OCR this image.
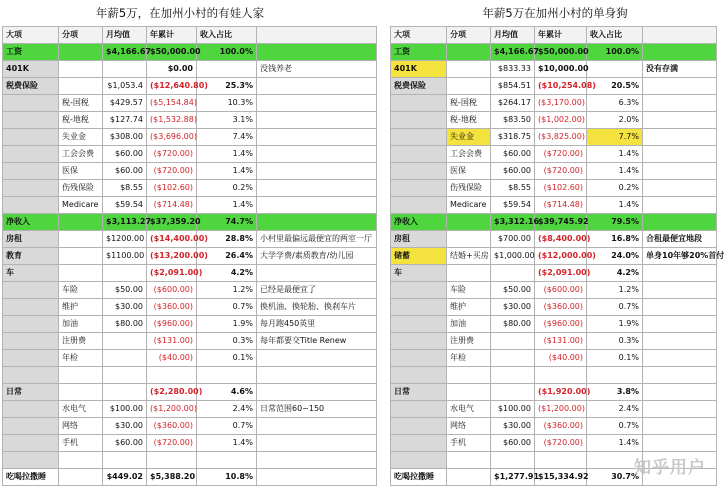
年薪5万，在加州小村的有娃人家	年薪5万在加州小村的单身狗
大项	分项	月均值	年累计	收入占比	
工资		$4,166.67	$50,000.00	100.0%	
401K			$0.00		没钱养老
税费保险		$1,053.4	($12,640.80)	25.3%	
	税-国税	$429.57	($5,154.84)	10.3%	
	税-地税	$127.74	($1,532.88)	3.1%	
	失业金	$308.00	($3,696.00)	7.4%	
	工会会费	$60.00	($720.00)	1.4%	
	医保	$60.00	($720.00)	1.4%	
	伤残保险	$8.55	($102.60)	0.2%	
	Medicare	$59.54	($714.48)	1.4%	
净收入		$3,113.27	$37,359.20	74.7%	
房租		$1200.00	($14,400.00)	28.8%	小村里最偏远最便宜的两室一厅
教育		$1100.00	($13,200.00)	26.4%	大学学费/素质教育/幼儿园
车			($2,091.00)	4.2%	
	车险	$50.00	($600.00)	1.2%	已经是最便宜了
	维护	$30.00	($360.00)	0.7%	换机油、换轮胎、换刹车片
	加油	$80.00	($960.00)	1.9%	每月跑450英里
	注册费		($131.00)	0.3%	每年都要交Title Renew
	年检		($40.00)	0.1%	

日常			($2,280.00)	4.6%	
	水电气	$100.00	($1,200.00)	2.4%	日常范围60~150
	网络	$30.00	($360.00)	0.7%	
	手机	$60.00	($720.00)	1.4%	

吃喝拉撒睡		$449.02	$5,388.20	10.8%	
大项	分项	月均值	年累计	收入占比	
工资		$4,166.67	$50,000.00	100.0%	
401K		$833.33	$10,000.00		没有存满
税费保险		$854.51	($10,254.08)	20.5%	
	税-国税	$264.17	($3,170.00)	6.3%	
	税-地税	$83.50	($1,002.00)	2.0%	
	失业金	$318.75	($3,825.00)	7.7%	
	工会会费	$60.00	($720.00)	1.4%	
	医保	$60.00	($720.00)	1.4%	
	伤残保险	$8.55	($102.60)	0.2%	
	Medicare	$59.54	($714.48)	1.4%	
净收入		$3,312.16	$39,745.92	79.5%	
房租		$700.00	($8,400.00)	16.8%	合租最便宜地段
储蓄	结婚+买房	$1,000.00	($12,000.00)	24.0%	单身10年够20%首付
车			($2,091.00)	4.2%	
	车险	$50.00	($600.00)	1.2%	
	维护	$30.00	($360.00)	0.7%	
	加油	$80.00	($960.00)	1.9%	
	注册费		($131.00)	0.3%	
	年检		($40.00)	0.1%	

日常			($1,920.00)	3.8%	
	水电气	$100.00	($1,200.00)	2.4%	
	网络	$30.00	($360.00)	0.7%	
	手机	$60.00	($720.00)	1.4%	

吃喝拉撒睡		$1,277.91	$15,334.92	30.7%	
知乎用户
